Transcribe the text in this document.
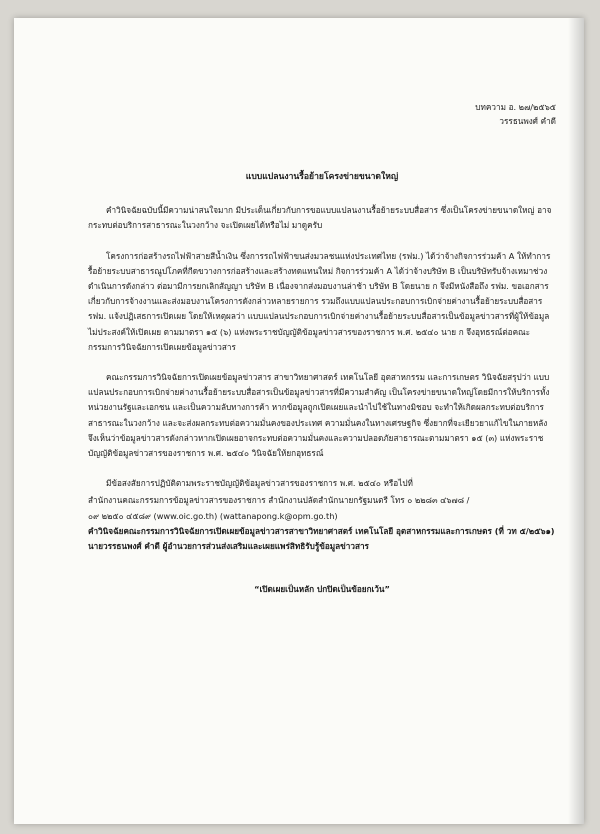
บทความ อ. ๒๗/๒๕๖๕
วรรธนพงศ์ คำดี
แบบแปลนงานรื้อย้ายโครงข่ายขนาดใหญ่

คำวินิจฉัยฉบับนี้มีความน่าสนใจมาก มีประเด็นเกี่ยวกับการขอแบบแปลนงานรื้อย้ายระบบสื่อสาร ซึ่งเป็นโครงข่ายขนาดใหญ่ อาจกระทบต่อบริการสาธารณะในวงกว้าง จะเปิดเผยได้หรือไม่ มาดูครับ

โครงการก่อสร้างรถไฟฟ้าสายสีน้ำเงิน ซึ่งการรถไฟฟ้าขนส่งมวลชนแห่งประเทศไทย (รฟม.) ได้ว่าจ้างกิจการร่วมค้า A ให้ทำการรื้อย้ายระบบสาธารณูปโภคที่กีดขวางการก่อสร้างและสร้างทดแทนใหม่ กิจการร่วมค้า A ได้ว่าจ้างบริษัท B เป็นบริษัทรับจ้างเหมาช่วงดำเนินการดังกล่าว ต่อมามีการยกเลิกสัญญา บริษัท B เนื่องจากส่งมอบงานล่าช้า บริษัท B โดยนาย ก จึงมีหนังสือถึง รฟม. ขอเอกสารเกี่ยวกับการจ้างงานและส่งมอบงานโครงการดังกล่าวหลายรายการ รวมถึงแบบแปลนประกอบการเบิกจ่ายค่างานรื้อย้ายระบบสื่อสาร รฟม. แจ้งปฏิเสธการเปิดเผย โดยให้เหตุผลว่า แบบแปลนประกอบการเบิกจ่ายค่างานรื้อย้ายระบบสื่อสารเป็นข้อมูลข่าวสารที่ผู้ให้ข้อมูลไม่ประสงค์ให้เปิดเผย ตามมาตรา ๑๕ (๖) แห่งพระราชบัญญัติข้อมูลข่าวสารของราชการ พ.ศ. ๒๕๔๐ นาย ก จึงอุทธรณ์ต่อคณะกรรมการวินิจฉัยการเปิดเผยข้อมูลข่าวสาร

คณะกรรมการวินิจฉัยการเปิดเผยข้อมูลข่าวสาร สาขาวิทยาศาสตร์ เทคโนโลยี อุตสาหกรรม และการเกษตร วินิจฉัยสรุปว่า แบบแปลนประกอบการเบิกจ่ายค่างานรื้อย้ายระบบสื่อสารเป็นข้อมูลข่าวสารที่มีความสำคัญ เป็นโครงข่ายขนาดใหญ่โดยมีการให้บริการทั้งหน่วยงานรัฐและเอกชน และเป็นความลับทางการค้า หากข้อมูลถูกเปิดเผยและนำไปใช้ในทางมิชอบ จะทำให้เกิดผลกระทบต่อบริการสาธารณะในวงกว้าง และจะส่งผลกระทบต่อความมั่นคงของประเทศ ความมั่นคงในทางเศรษฐกิจ ซึ่งยากที่จะเยียวยาแก้ไขในภายหลัง จึงเห็นว่าข้อมูลข่าวสารดังกล่าวหากเปิดเผยอาจกระทบต่อความมั่นคงและความปลอดภัยสาธารณะตามมาตรา ๑๕ (๓) แห่งพระราชบัญญัติข้อมูลข่าวสารของราชการ พ.ศ. ๒๕๔๐ วินิจฉัยให้ยกอุทธรณ์

มีข้อสงสัยการปฏิบัติตามพระราชบัญญัติข้อมูลข่าวสารของราชการ พ.ศ. ๒๕๔๐ หรือไปที่
สำนักงานคณะกรรมการข้อมูลข่าวสารของราชการ สำนักงานปลัดสำนักนายกรัฐมนตรี โทร ๐ ๒๒๘๓ ๔๖๗๘ /
๐๙ ๒๒๕๐ ๔๕๘๙ (www.oic.go.th) (wattanapong.k@opm.go.th)
คำวินิจฉัยคณะกรรมการวินิจฉัยการเปิดเผยข้อมูลข่าวสารสาขาวิทยาศาสตร์ เทคโนโลยี อุตสาหกรรมและการเกษตร (ที่ วท ๕/๒๕๖๑) นายวรรธนพงศ์ คำดี ผู้อำนวยการส่วนส่งเสริมและเผยแพร่สิทธิรับรู้ข้อมูลข่าวสาร
“เปิดเผยเป็นหลัก ปกปิดเป็นข้อยกเว้น”
